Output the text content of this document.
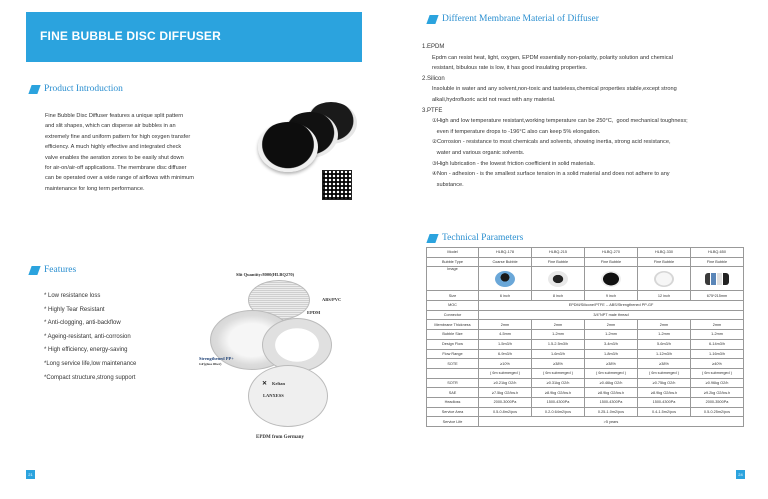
FINE BUBBLE DISC DIFFUSER
Product Introduction

Fine Bubble Disc Diffuser features a unique split pattern

and slit shapes, which can disperse air bubbles in an

extremely fine and uniform pattern for high oxygen transfer

efficiency. A much highly effective and integrated check

valve enables the aeration zones to be easily shut down

for air-on/air-off applications. The membrane disc diffuser

can be operated over a wide range of airflows with minimum

maintenance for long term performance.

Features
* Low resistance loss
* Highly Tear Resistant
* Anti-clogging, anti-backflow
* Ageing-resistant, anti-corrosion
* High efficiency, energy-saving
*Long service life,low maintenance
*Compact structure,strong support
Slit Quantity:8000(HLBQ270)
ABS/PVC
EPDM
Strengthened PP+
GF(glass fiber)
✕ Keltan
LANXESS
EPDM from Germany
21
Different Membrane Material of Diffuser
1.EPDM
Epdm can resist heat, light, oxygen, EPDM essentially non-polarity, polarity solution and chemical
resistant, bibulous rate is low, it has good insulating properties.
2.Silicon
Insoluble in water and any solvent,non-toxic and tasteless,chemical properties stable,except strong
alkali,hydrofluoric acid not react with any material.
3.PTFE
①High and low temperature resistant,working temperature can be 250°C,  good mechanical toughness;
even if temperature drops to -196°C also can keep 5% elongation.
②Corrosion - resistance to most chemicals and solvents, showing inertia, strong acid resistance,
water and various organic solvents.
③High lubrication - the lowest friction coefficient in solid materials.
④Non - adhesion - is the smallest surface tension in a solid material and does not adhere to any
substance.
Technical Parameters
Model	HLBQ-178	HLBQ-215	HLBQ-270	HLBQ-330	HLBQ-650
Bubble Type	Coarse Bubble	Fine Bubble	Fine Bubble	Fine Bubble	Fine Bubble
Image					
Size	6 inch	8 inch	9 inch	12 inch	675*215mm
MOC	EPDM/Silicone/PTFE -- ABS/Strengthened PP-GF				
Connector	3/4"NPT male thread				
Membrane Thickness	2mm	2mm	2mm	2mm	2mm
Bubble Size	4-5mm	1-2mm	1-2mm	1-2mm	1-2mm
Design Flow	1-5m3/h	1.5-2.5m3/h	3-4m3/h	5-6m3/h	6-14m3/h
Flow Range	6-9m3/h	1-6m3/h	1-8m3/h	1-12m3/h	1-16m3/h
SOTE	≥10%	≥38%	≥38%	≥38%	≥40%
	( 6m submerged )	( 6m submerged )	( 6m submerged )	( 6m submerged )	( 6m submerged )
SOTR	≥0.21kg O2/h	≥0.31kg O2/h	≥0.46kg O2/h	≥0.75kg O2/h	≥0.96kg O2/h
SAE	≥7.5kg O2/kw.h	≥8.9kg O2/kw.h	≥8.9kg O2/kw.h	≥8.9kg O2/kw.h	≥9.2kg O2/kw.h
Headloss	2000-3000Pa	1500-4300Pa	1500-4300Pa	1500-4300Pa	2000-3500Pa
Service Area	0.5-0.8m2/pcs	0.2-0.64m2/pcs	0.25-1.0m2/pcs	0.4-1.5m2/pcs	0.5-0.25m2/pcs
Service Life	>5 years				
24
